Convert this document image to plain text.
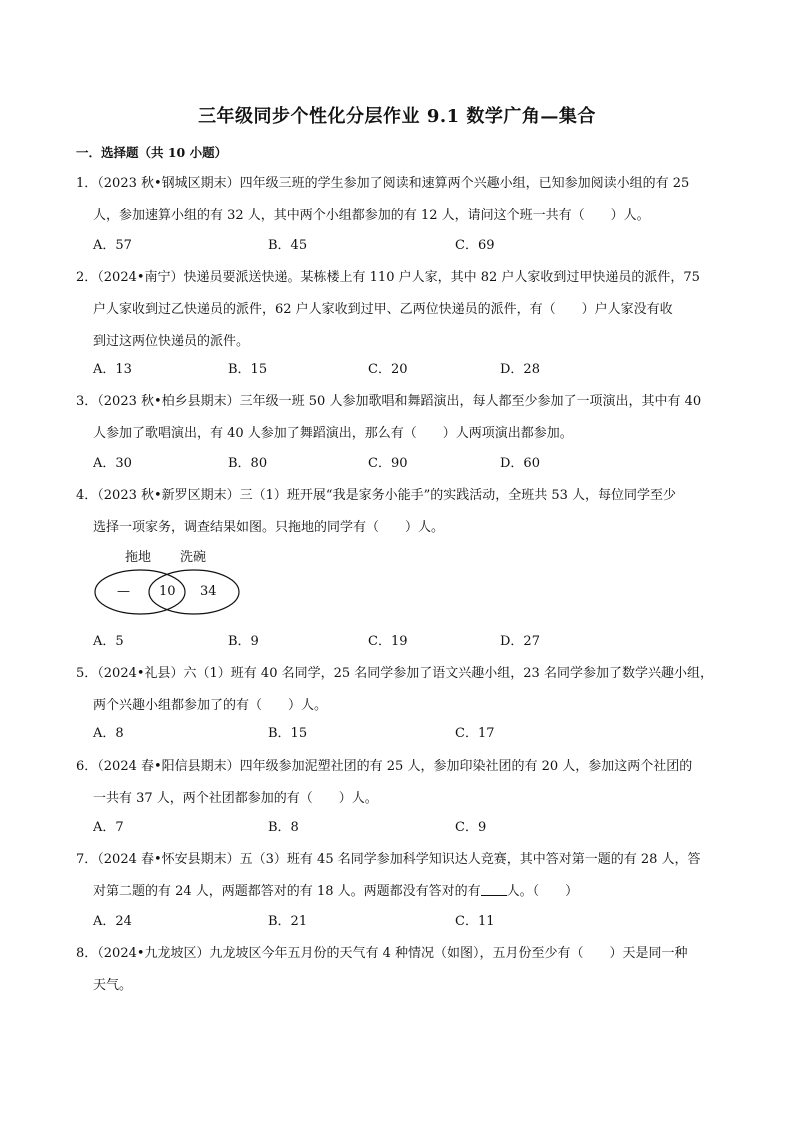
三年级同步个性化分层作业 9.1 数学广角—集合
一．选择题（共 10 小题）
1．（2023 秋•钢城区期末）四年级三班的学生参加了阅读和速算两个兴趣小组，已知参加阅读小组的有 25
人，参加速算小组的有 32 人，其中两个小组都参加的有 12 人，请问这个班一共有（　　）人。
A．57	B．45	C．69
2．（2024•南宁）快递员要派送快递。某栋楼上有 110 户人家，其中 82 户人家收到过甲快递员的派件，75
户人家收到过乙快递员的派件，62 户人家收到过甲、乙两位快递员的派件，有（　　）户人家没有收
到过这两位快递员的派件。
A．13	B．15	C．20	D．28
3．（2023 秋•柏乡县期末）三年级一班 50 人参加歌唱和舞蹈演出，每人都至少参加了一项演出，其中有 40
人参加了歌唱演出，有 40 人参加了舞蹈演出，那么有（　　）人两项演出都参加。
A．30	B．80	C．90	D．60
4．（2023 秋•新罗区期末）三（1）班开展“我是家务小能手”的实践活动，全班共 53 人，每位同学至少
选择一项家务，调查结果如图。只拖地的同学有（　　）人。
拖地 洗碗
— 10 34
A．5	B．9	C．19	D．27
5．（2024•礼县）六（1）班有 40 名同学，25 名同学参加了语文兴趣小组，23 名同学参加了数学兴趣小组，
两个兴趣小组都参加了的有（　　）人。
A．8	B．15	C．17
6．（2024 春•阳信县期末）四年级参加泥塑社团的有 25 人，参加印染社团的有 20 人，参加这两个社团的
一共有 37 人，两个社团都参加的有（　　）人。
A．7	B．8	C．9
7．（2024 春•怀安县期末）五（3）班有 45 名同学参加科学知识达人竞赛，其中答对第一题的有 28 人，答
对第二题的有 24 人，两题都答对的有 18 人。两题都没有答对的有 人。（　　）
A．24	B．21	C．11
8．（2024•九龙坡区）九龙坡区今年五月份的天气有 4 种情况（如图），五月份至少有（　　）天是同一种
天气。
